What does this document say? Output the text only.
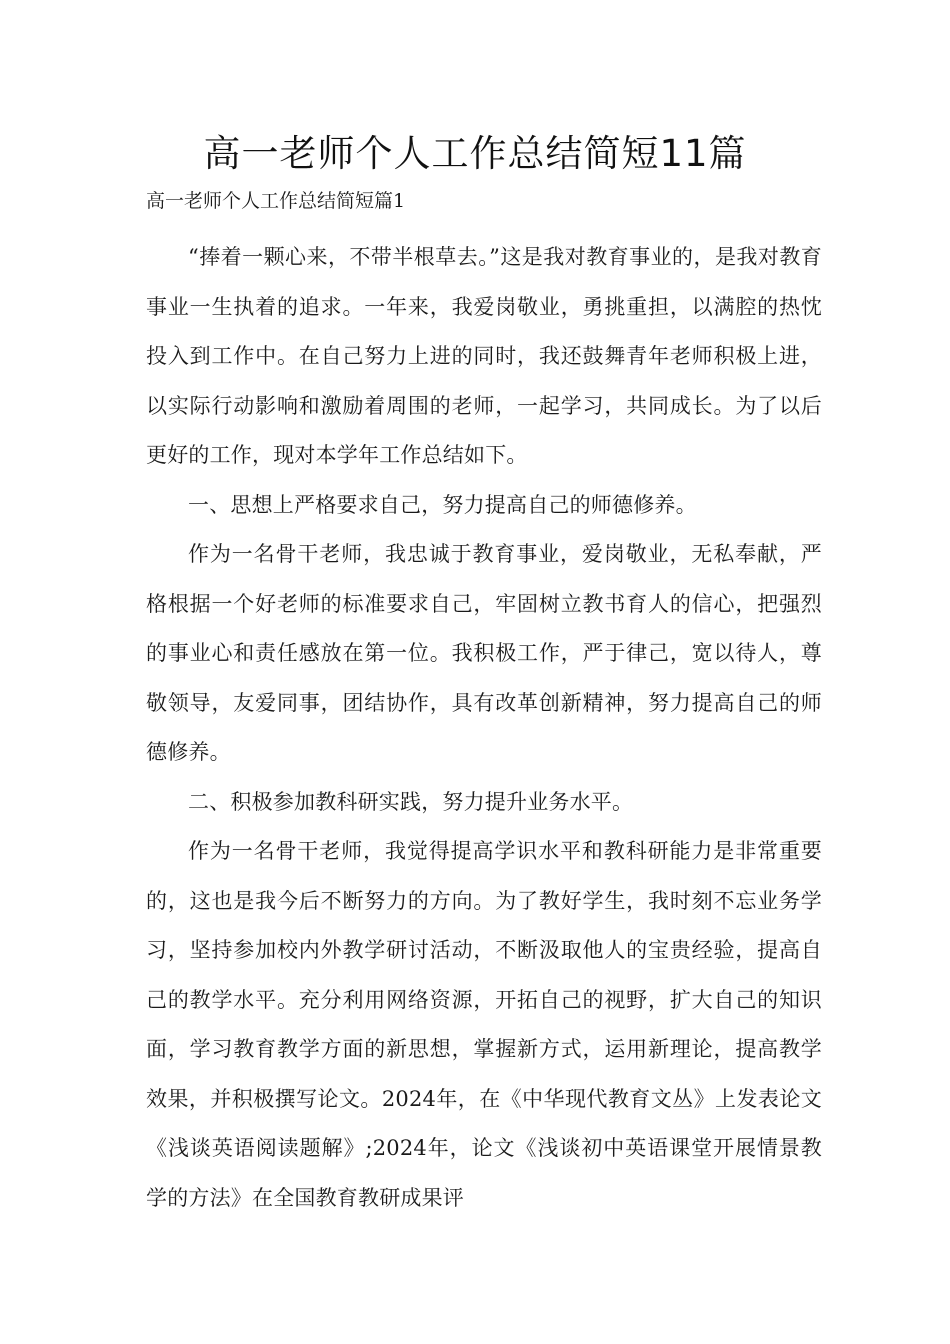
高一老师个人工作总结简短11篇

高一老师个人工作总结简短篇1

“捧着一颗心来，不带半根草去。”这是我对教育事业的，是我对教育事业一生执着的追求。一年来，我爱岗敬业，勇挑重担，以满腔的热忱投入到工作中。在自己努力上进的同时，我还鼓舞青年老师积极上进，以实际行动影响和激励着周围的老师，一起学习，共同成长。为了以后更好的工作，现对本学年工作总结如下。

一、思想上严格要求自己，努力提高自己的师德修养。

作为一名骨干老师，我忠诚于教育事业，爱岗敬业，无私奉献，严格根据一个好老师的标准要求自己，牢固树立教书育人的信心，把强烈的事业心和责任感放在第一位。我积极工作，严于律己，宽以待人，尊敬领导，友爱同事，团结协作，具有改革创新精神，努力提高自己的师德修养。

二、积极参加教科研实践，努力提升业务水平。

作为一名骨干老师，我觉得提高学识水平和教科研能力是非常重要的，这也是我今后不断努力的方向。为了教好学生，我时刻不忘业务学习，坚持参加校内外教学研讨活动，不断汲取他人的宝贵经验，提高自己的教学水平。充分利用网络资源，开拓自己的视野，扩大自己的知识面，学习教育教学方面的新思想，掌握新方式，运用新理论，提高教学效果，并积极撰写论文。2024年，在《中华现代教育文丛》上发表论文《浅谈英语阅读题解》;2024年，论文《浅谈初中英语课堂开展情景教学的方法》在全国教育教研成果评
